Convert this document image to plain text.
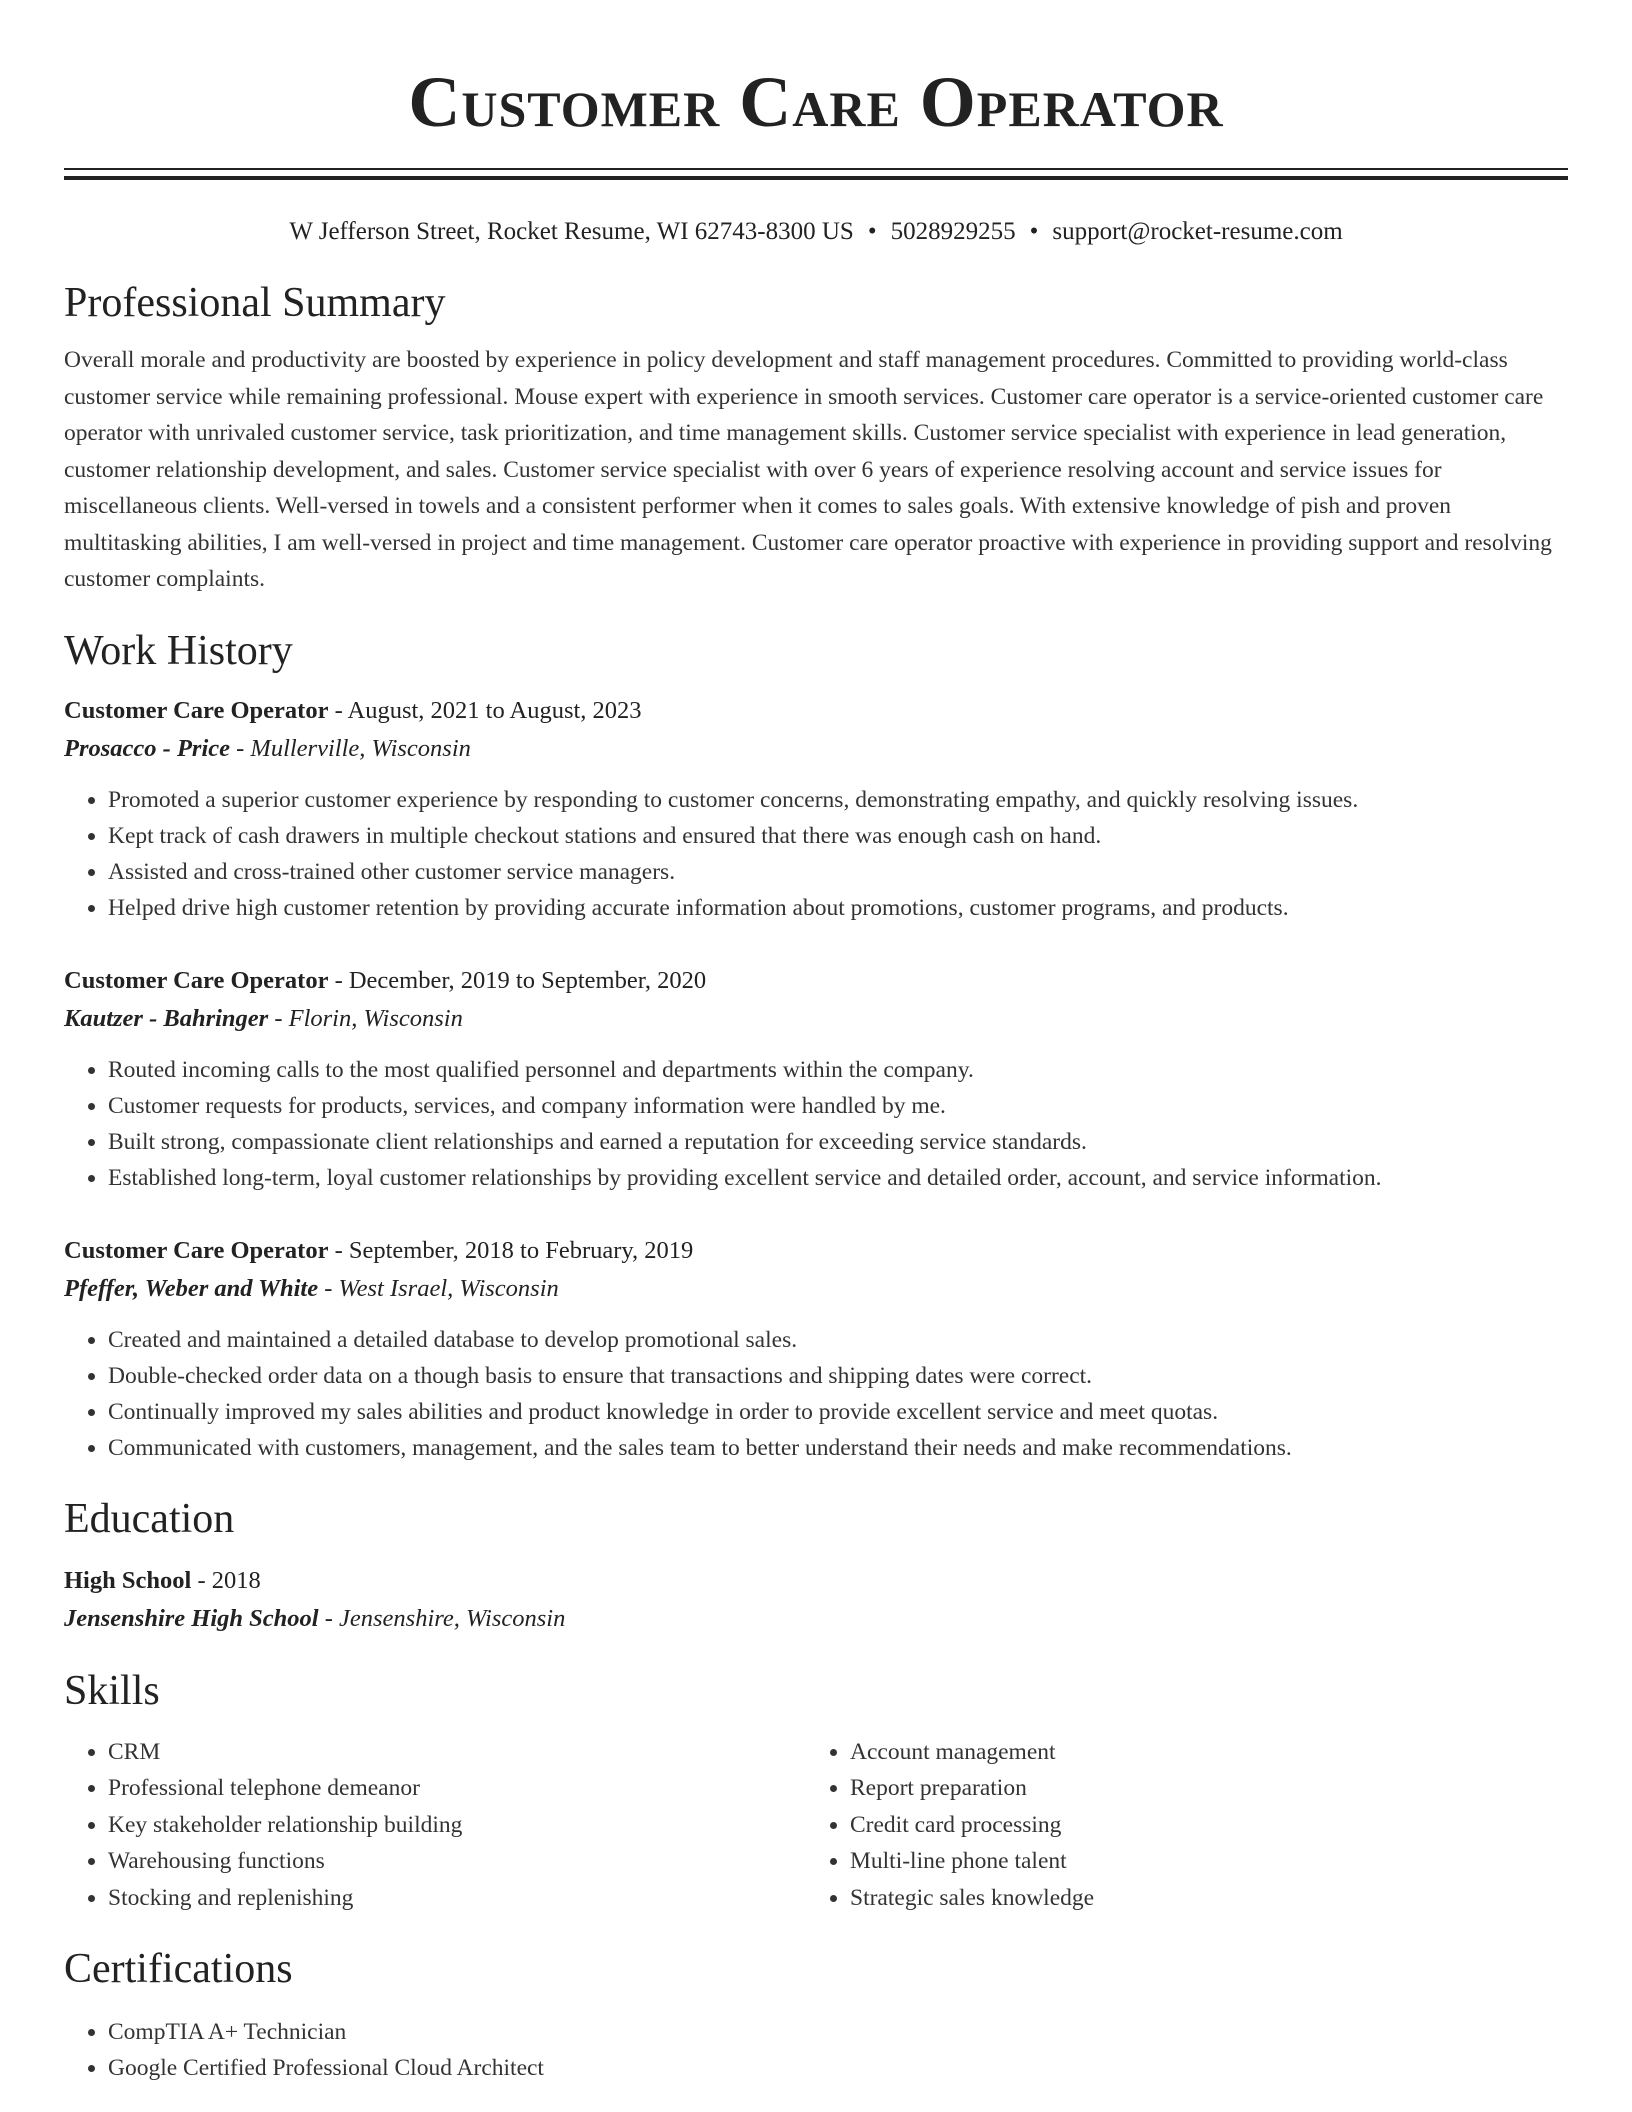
Customer Care Operator
W Jefferson Street, Rocket Resume, WI 62743-8300 US • 5028929255 • support@rocket-resume.com
Professional Summary
Overall morale and productivity are boosted by experience in policy development and staff management procedures. Committed to providing world-class customer service while remaining professional. Mouse expert with experience in smooth services. Customer care operator is a service-oriented customer care operator with unrivaled customer service, task prioritization, and time management skills. Customer service specialist with experience in lead generation, customer relationship development, and sales. Customer service specialist with over 6 years of experience resolving account and service issues for miscellaneous clients. Well-versed in towels and a consistent performer when it comes to sales goals. With extensive knowledge of pish and proven multitasking abilities, I am well-versed in project and time management. Customer care operator proactive with experience in providing support and resolving customer complaints.
Work History
Customer Care Operator - August, 2021 to August, 2023
Prosacco - Price - Mullerville, Wisconsin
• Promoted a superior customer experience by responding to customer concerns, demonstrating empathy, and quickly resolving issues.
• Kept track of cash drawers in multiple checkout stations and ensured that there was enough cash on hand.
• Assisted and cross-trained other customer service managers.
• Helped drive high customer retention by providing accurate information about promotions, customer programs, and products.
Customer Care Operator - December, 2019 to September, 2020
Kautzer - Bahringer - Florin, Wisconsin
• Routed incoming calls to the most qualified personnel and departments within the company.
• Customer requests for products, services, and company information were handled by me.
• Built strong, compassionate client relationships and earned a reputation for exceeding service standards.
• Established long-term, loyal customer relationships by providing excellent service and detailed order, account, and service information.
Customer Care Operator - September, 2018 to February, 2019
Pfeffer, Weber and White - West Israel, Wisconsin
• Created and maintained a detailed database to develop promotional sales.
• Double-checked order data on a though basis to ensure that transactions and shipping dates were correct.
• Continually improved my sales abilities and product knowledge in order to provide excellent service and meet quotas.
• Communicated with customers, management, and the sales team to better understand their needs and make recommendations.
Education
High School - 2018
Jensenshire High School - Jensenshire, Wisconsin
Skills
• CRM
• Professional telephone demeanor
• Key stakeholder relationship building
• Warehousing functions
• Stocking and replenishing
• Account management
• Report preparation
• Credit card processing
• Multi-line phone talent
• Strategic sales knowledge
Certifications
• CompTIA A+ Technician
• Google Certified Professional Cloud Architect
